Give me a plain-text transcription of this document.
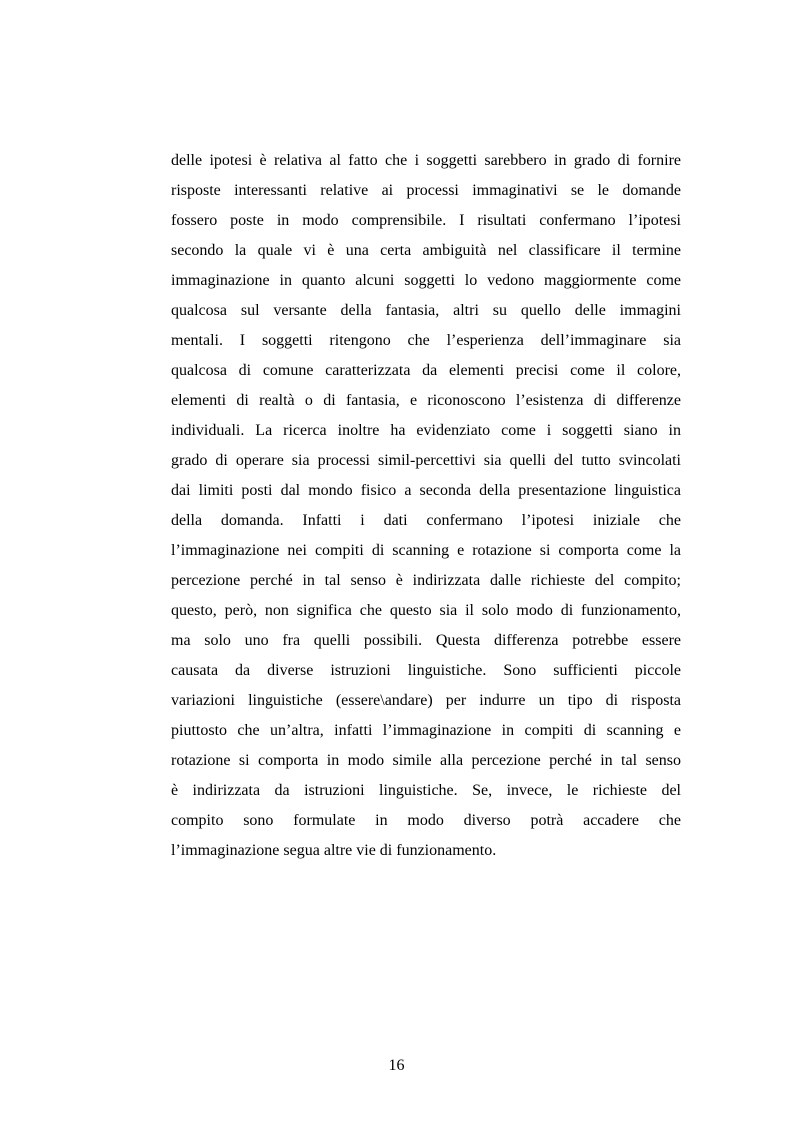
delle ipotesi è relativa al fatto che i soggetti sarebbero in grado di fornire
risposte interessanti relative ai processi immaginativi se le domande
fossero poste in modo comprensibile. I risultati confermano l’ipotesi
secondo la quale vi è una certa ambiguità nel classificare il termine
immaginazione in quanto alcuni soggetti lo vedono maggiormente come
qualcosa sul versante della fantasia, altri su quello delle immagini
mentali. I soggetti ritengono che l’esperienza dell’immaginare sia
qualcosa di comune caratterizzata da elementi precisi come il colore,
elementi di realtà o di fantasia, e riconoscono l’esistenza di differenze
individuali. La ricerca inoltre ha evidenziato come i soggetti siano in
grado di operare sia processi simil-percettivi sia quelli del tutto svincolati
dai limiti posti dal mondo fisico a seconda della presentazione linguistica
della domanda. Infatti i dati confermano l’ipotesi iniziale che
l’immaginazione nei compiti di scanning e rotazione si comporta come la
percezione perché in tal senso è indirizzata dalle richieste del compito;
questo, però, non significa che questo sia il solo modo di funzionamento,
ma solo uno fra quelli possibili. Questa differenza potrebbe essere
causata da diverse istruzioni linguistiche. Sono sufficienti piccole
variazioni linguistiche (essere\andare) per indurre un tipo di risposta
piuttosto che un’altra, infatti l’immaginazione in compiti di scanning e
rotazione si comporta in modo simile alla percezione perché in tal senso
è indirizzata da istruzioni linguistiche. Se, invece, le richieste del
compito sono formulate in modo diverso potrà accadere che
l’immaginazione segua altre vie di funzionamento.
16
